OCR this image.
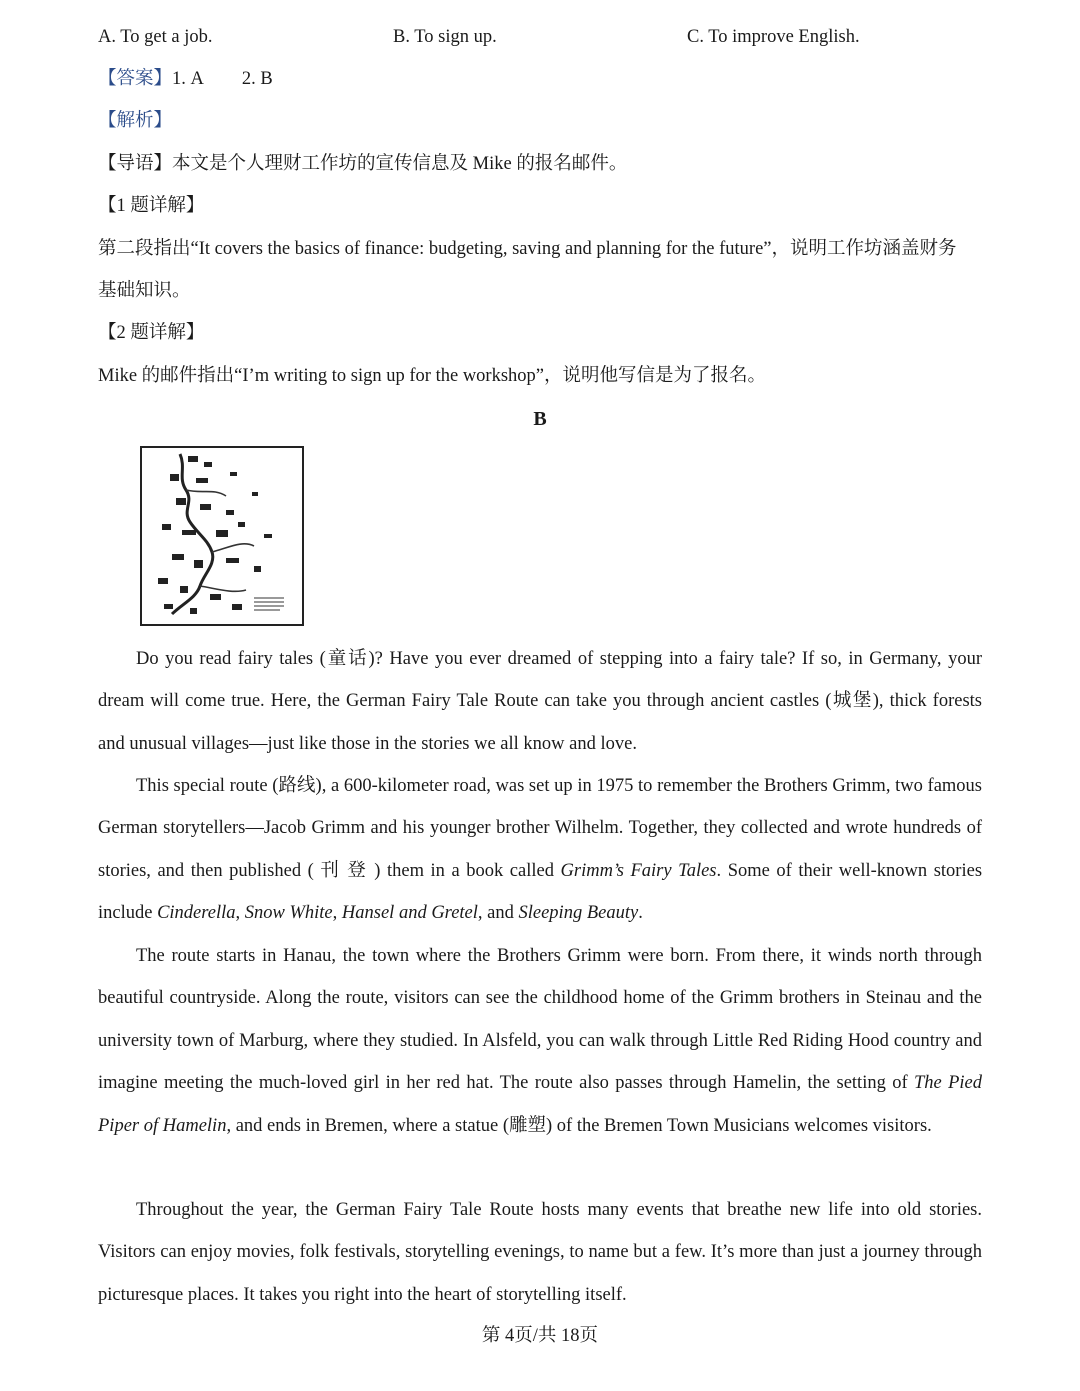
A. To get a job.	B. To sign up.	C. To improve English.
【答案】1. A 2. B
【解析】
【导语】本文是个人理财工作坊的宣传信息及 Mike 的报名邮件。
【1 题详解】
第二段指出“It covers the basics of finance: budgeting, saving and planning for the future”，说明工作坊涵盖财务
基础知识。
【2 题详解】
Mike 的邮件指出“I’m writing to sign up for the workshop”，说明他写信是为了报名。
B
Do you read fairy tales (童话)? Have you ever dreamed of stepping into a fairy tale? If so, in Germany, your dream will come true. Here, the German Fairy Tale Route can take you through ancient castles (城堡), thick forests and unusual villages—just like those in the stories we all know and love.
This special route (路线), a 600-kilometer road, was set up in 1975 to remember the Brothers Grimm, two famous German storytellers—Jacob Grimm and his younger brother Wilhelm. Together, they collected and wrote hundreds of stories, and then published ( 刊 登 ) them in a book called Grimm’s Fairy Tales. Some of their well-known stories include Cinderella, Snow White, Hansel and Gretel, and Sleeping Beauty.
The route starts in Hanau, the town where the Brothers Grimm were born. From there, it winds north through beautiful countryside. Along the route, visitors can see the childhood home of the Grimm brothers in Steinau and the university town of Marburg, where they studied. In Alsfeld, you can walk through Little Red Riding Hood country and imagine meeting the much-loved girl in her red hat. The route also passes through Hamelin, the setting of The Pied Piper of Hamelin, and ends in Bremen, where a statue (雕塑) of the Bremen Town Musicians welcomes visitors.
Throughout the year, the German Fairy Tale Route hosts many events that breathe new life into old stories. Visitors can enjoy movies, folk festivals, storytelling evenings, to name but a few. It’s more than just a journey through picturesque places. It takes you right into the heart of storytelling itself.
第 4页/共 18页
